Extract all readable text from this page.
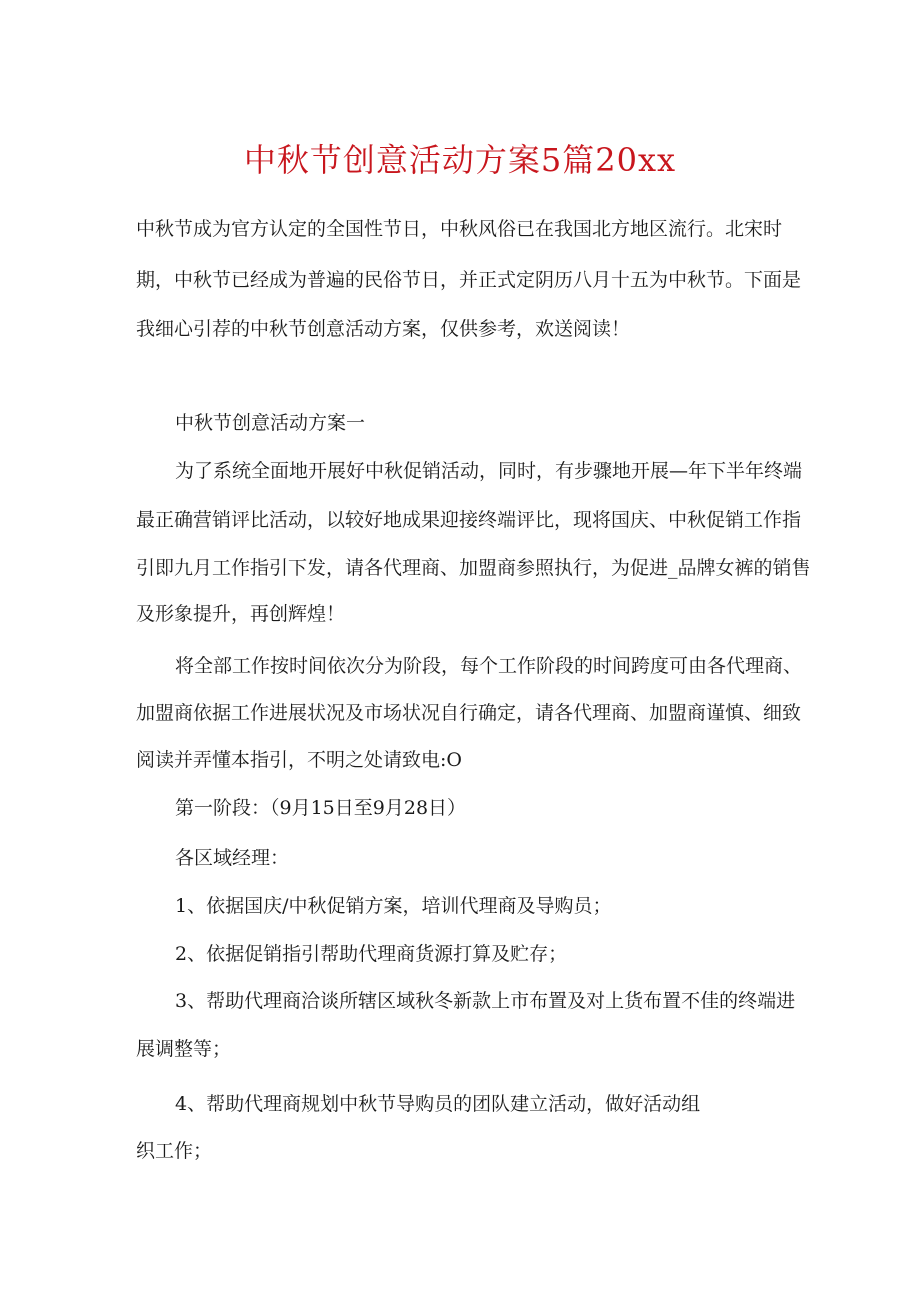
中秋节创意活动方案5篇20xx
中秋节成为官方认定的全国性节日，中秋风俗已在我国北方地区流行。北宋时
期，中秋节已经成为普遍的民俗节日，并正式定阴历八月十五为中秋节。下面是
我细心引荐的中秋节创意活动方案，仅供参考，欢送阅读！
中秋节创意活动方案一
为了系统全面地开展好中秋促销活动，同时，有步骤地开展—年下半年终端
最正确营销评比活动，以较好地成果迎接终端评比，现将国庆、中秋促销工作指
引即九月工作指引下发，请各代理商、加盟商参照执行，为促进_品牌女裤的销售
及形象提升，再创辉煌！
将全部工作按时间依次分为阶段，每个工作阶段的时间跨度可由各代理商、
加盟商依据工作进展状况及市场状况自行确定，请各代理商、加盟商谨慎、细致
阅读并弄懂本指引，不明之处请致电:O
第一阶段：（9月15日至9月28日）
各区域经理：
1、依据国庆/中秋促销方案，培训代理商及导购员；
2、依据促销指引帮助代理商货源打算及贮存；
3、帮助代理商洽谈所辖区域秋冬新款上市布置及对上货布置不佳的终端进
展调整等；
4、帮助代理商规划中秋节导购员的团队建立活动，做好活动组
织工作；
